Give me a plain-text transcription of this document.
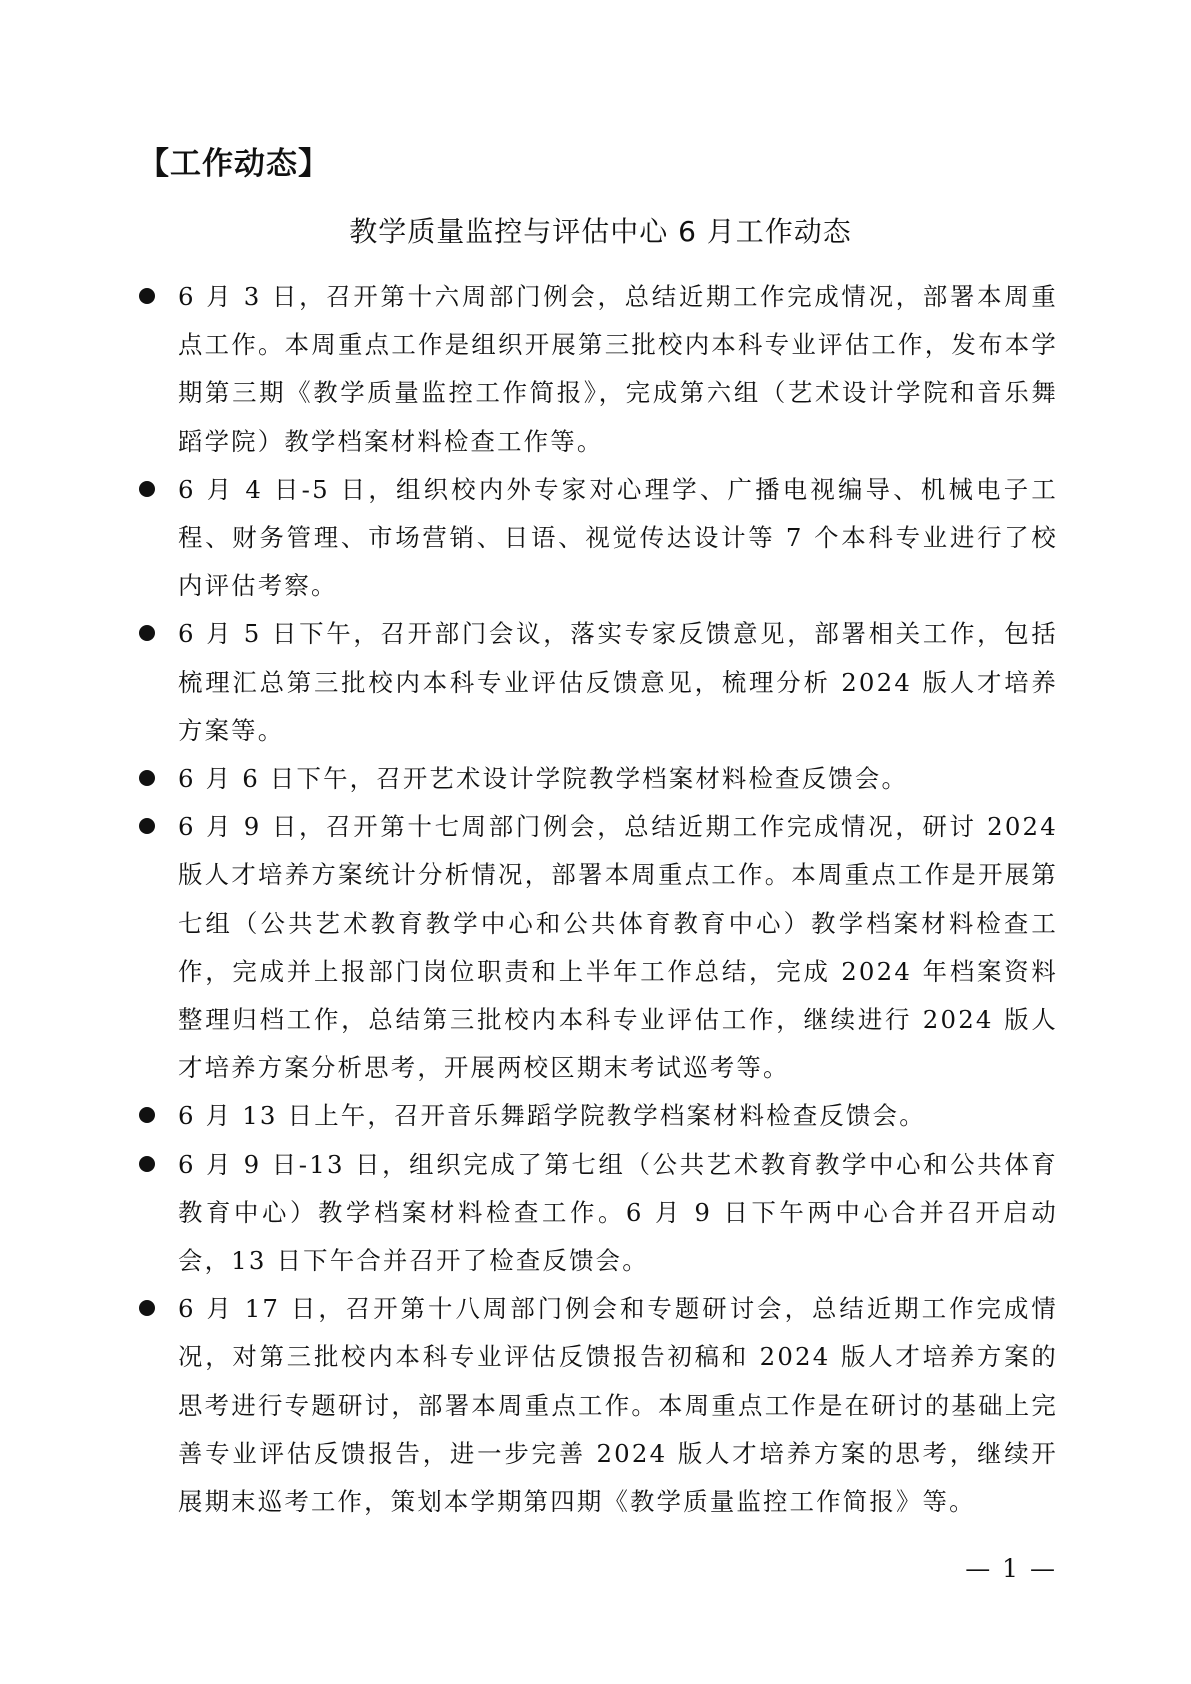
【工作动态】
教学质量监控与评估中心 6 月工作动态
6 月 3 日，召开第十六周部门例会，总结近期工作完成情况，部署本周重点工作。本周重点工作是组织开展第三批校内本科专业评估工作，发布本学期第三期《教学质量监控工作简报》，完成第六组（艺术设计学院和音乐舞蹈学院）教学档案材料检查工作等。
6 月 4 日-5 日，组织校内外专家对心理学、广播电视编导、机械电子工程、财务管理、市场营销、日语、视觉传达设计等 7 个本科专业进行了校内评估考察。
6 月 5 日下午，召开部门会议，落实专家反馈意见，部署相关工作，包括梳理汇总第三批校内本科专业评估反馈意见，梳理分析 2024 版人才培养方案等。
6 月 6 日下午，召开艺术设计学院教学档案材料检查反馈会。
6 月 9 日，召开第十七周部门例会，总结近期工作完成情况，研讨 2024 版人才培养方案统计分析情况，部署本周重点工作。本周重点工作是开展第七组（公共艺术教育教学中心和公共体育教育中心）教学档案材料检查工作，完成并上报部门岗位职责和上半年工作总结，完成 2024 年档案资料整理归档工作，总结第三批校内本科专业评估工作，继续进行 2024 版人才培养方案分析思考，开展两校区期末考试巡考等。
6 月 13 日上午，召开音乐舞蹈学院教学档案材料检查反馈会。
6 月 9 日-13 日，组织完成了第七组（公共艺术教育教学中心和公共体育教育中心）教学档案材料检查工作。6 月 9 日下午两中心合并召开启动会，13 日下午合并召开了检查反馈会。
6 月 17 日，召开第十八周部门例会和专题研讨会，总结近期工作完成情况，对第三批校内本科专业评估反馈报告初稿和 2024 版人才培养方案的思考进行专题研讨，部署本周重点工作。本周重点工作是在研讨的基础上完善专业评估反馈报告，进一步完善 2024 版人才培养方案的思考，继续开展期末巡考工作，策划本学期第四期《教学质量监控工作简报》等。
— 1 —
